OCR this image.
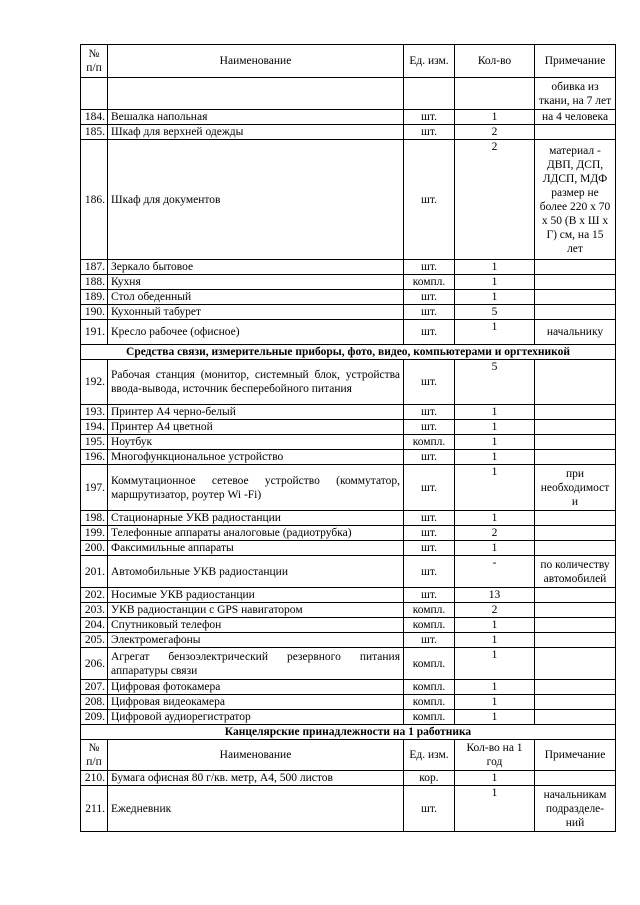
№ п/п	Наименование	Ед. изм.	Кол-во	Примечание
				обивка из ткани, на 7 лет
184.	Вешалка напольная	шт.	1	на 4 человека
185.	Шкаф для верхней одежды	шт.	2	
186.	Шкаф для документов	шт.	2	материал - ДВП, ДСП, ЛДСП, МДФ размер не более 220 х 70 х 50 (В х Ш х Г) см, на 15 лет
187.	Зеркало бытовое	шт.	1	
188.	Кухня	компл.	1	
189.	Стол обеденный	шт.	1	
190.	Кухонный табурет	шт.	5	
191.	Кресло рабочее (офисное)	шт.	1	начальнику
Средства связи, измерительные приборы, фото, видео, компьютерами и оргтехникой				
192.	Рабочая станция (монитор, системный блок, устройства ввода-вывода, источник бесперебойного питания	шт.	5	
193.	Принтер А4 черно-белый	шт.	1	
194.	Принтер А4 цветной	шт.	1	
195.	Ноутбук	компл.	1	
196.	Многофункциональное устройство	шт.	1	
197.	Коммутационное сетевое устройство (коммутатор, маршрутизатор, роутер Wi -Fi)	шт.	1	при необходимост и
198.	Стационарные УКВ радиостанции	шт.	1	
199.	Телефонные аппараты аналоговые (радиотрубка)	шт.	2	
200.	Факсимильные аппараты	шт.	1	
201.	Автомобильные УКВ радиостанции	шт.	-	по количеству автомобилей
202.	Носимые УКВ радиостанции	шт.	13	
203.	УКВ радиостанции с GPS навигатором	компл.	2	
204.	Спутниковый телефон	компл.	1	
205.	Электромегафоны	шт.	1	
206.	Агрегат бензоэлектрический резервного питания аппаратуры связи	компл.	1	
207.	Цифровая фотокамера	компл.	1	
208.	Цифровая видеокамера	компл.	1	
209.	Цифровой аудиорегистратор	компл.	1	
Канцелярские принадлежности на 1 работника				
№ п/п	Наименование	Ед. изм.	Кол-во на 1 год	Примечание
210.	Бумага офисная 80 г/кв. метр, А4, 500 листов	кор.	1	
211.	Ежедневник	шт.	1	начальникам подразделе-ний
